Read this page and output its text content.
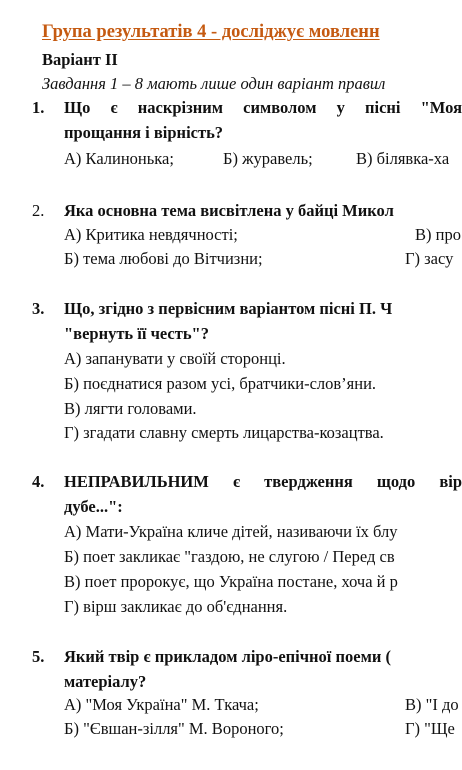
Група результатів 4 - досліджує мовленн
Варіант ІІ
Завдання 1 – 8 мають лише один варіант правил
1. Що є наскрізним символом у пісні "Моя
прощання і вірність?
А) Калинонька;	Б) журавель;	В) білявка-ха
2. Яка основна тема висвітлена у байці Микол
А) Критика невдячності;	В) про
Б) тема любові до Вітчизни;	Г) засу
3. Що, згідно з первісним варіантом пісні П. Ч
"вернуть її честь"?
А) запанувати у своїй сторонці.
Б) поєднатися разом усі, братчики-слов’яни.
В) лягти головами.
Г) згадати славну смерть лицарства-козацтва.
4. НЕПРАВИЛЬНИМ є твердження щодо вір
дубе...":
А) Мати-Україна кличе дітей, називаючи їх блу
Б) поет закликає "газдою, не слугою / Перед св
В) поет пророкує, що Україна постане, хоча й р
Г) вірш закликає до об'єднання.
5. Який твір є прикладом ліро-епічної поеми (
матеріалу?
А) "Моя Україна" М. Ткача;	В) "І до
Б) "Євшан-зілля" М. Вороного;	Г) "Ще
